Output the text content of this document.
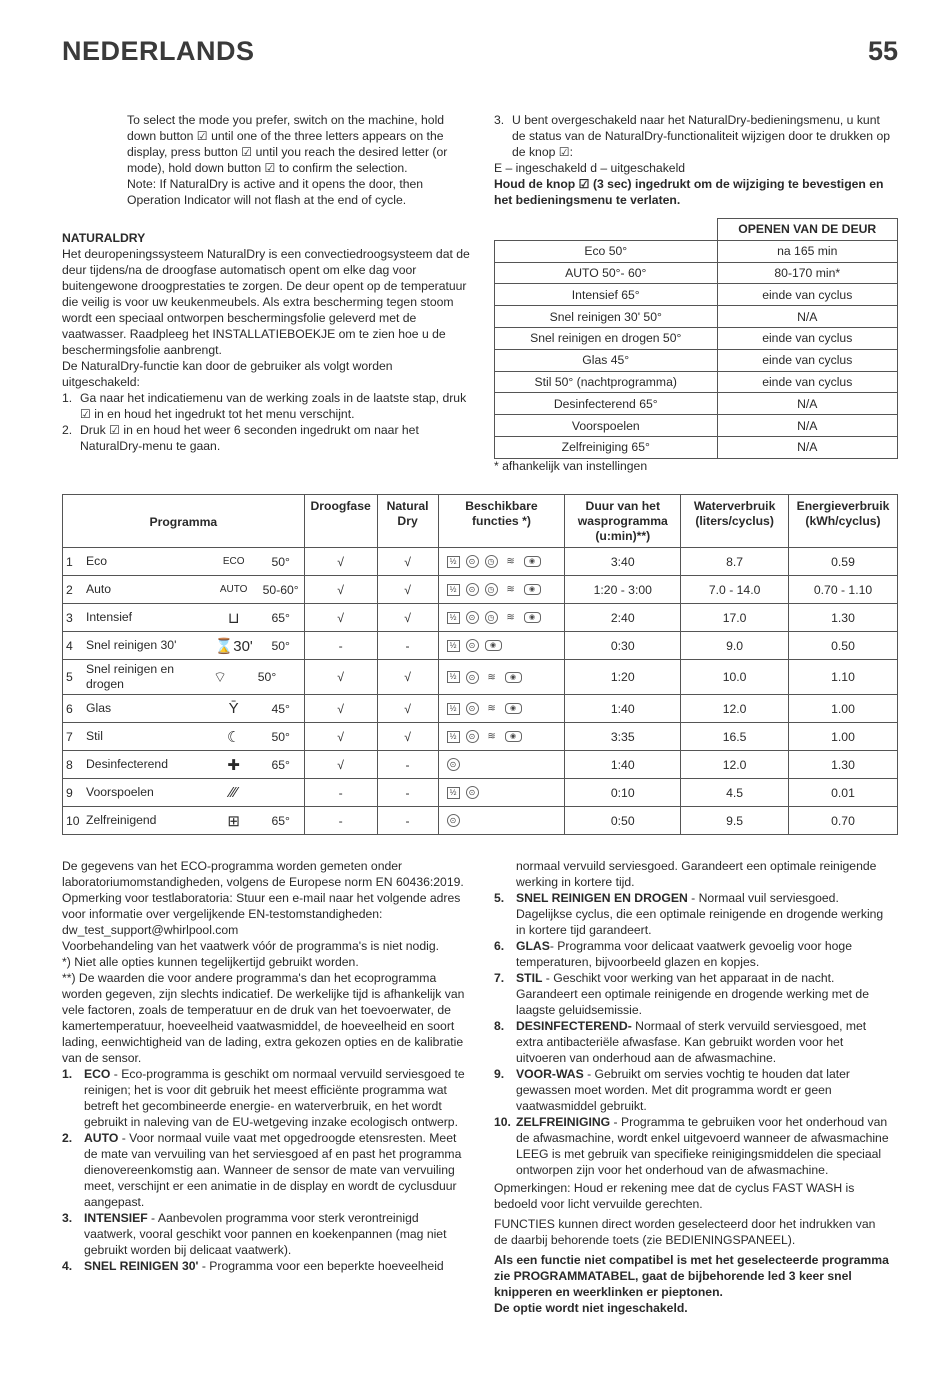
NEDERLANDS	55

To select the mode you prefer, switch on the machine, hold down button ☑ until one of the three letters appears on the display, press button ☑ until you reach the desired letter (or mode), hold down button ☑ to confirm the selection.

Note: If NaturalDry is active and it opens the door, then Operation Indicator will not flash at the end of cycle.

NATURALDRY

Het deuropeningssysteem NaturalDry is een convectiedroogsysteem dat de deur tijdens/na de droogfase automatisch opent om elke dag voor buitengewone droogprestaties te zorgen. De deur opent op de temperatuur die veilig is voor uw keukenmeubels. Als extra bescherming tegen stoom wordt een speciaal ontworpen beschermingsfolie geleverd met de vaatwasser. Raadpleeg het INSTALLATIEBOEKJE om te zien hoe u de beschermingsfolie aanbrengt.

De NaturalDry-functie kan door de gebruiker als volgt worden uitgeschakeld:

1. Ga naar het indicatiemenu van de werking zoals in de laatste stap, druk ☑ in en houd het ingedrukt tot het menu verschijnt.
2. Druk ☑ in en houd het weer 6 seconden ingedrukt om naar het NaturalDry-menu te gaan.
3. U bent overgeschakeld naar het NaturalDry-bedieningsmenu, u kunt de status van de NaturalDry-functionaliteit wijzigen door te drukken op de knop ☑:

E – ingeschakeld d – uitgeschakeld

Houd de knop ☑ (3 sec) ingedrukt om de wijziging te bevestigen en het bedieningsmenu te verlaten.

	OPENEN VAN DE DEUR
Eco 50°	na 165 min
AUTO 50°- 60°	80-170 min*
Intensief 65°	einde van cyclus
Snel reinigen 30' 50°	N/A
Snel reinigen en drogen 50°	einde van cyclus
Glas 45°	einde van cyclus
Stil 50° (nachtprogramma)	einde van cyclus
Desinfecterend 65°	N/A
Voorspoelen	N/A
Zelfreiniging 65°	N/A
* afhankelijk van instellingen
Programma	Droogfase	Natural Dry	Beschikbare functies *)	Duur van het wasprogramma (u:min)**)	Waterverbruik (liters/cyclus)	Energieverbruik (kWh/cyclus)

1 Eco ECO 50°	√	√	½ ⊙ ◷ ≋ ◉	3:40	8.7	0.59

2 Auto AUTO 50-60°	√	√	½ ⊙ ◷ ≋ ◉	1:20 - 3:00	7.0 - 14.0	0.70 - 1.10

3 Intensief ⊔ 65°	√	√	½ ⊙ ◷ ≋ ◉	2:40	17.0	1.30

4 Snel reinigen 30' ⌛30' 50°	-	-	½ ⊙ ◉	0:30	9.0	0.50

5
Snel reinigen en drogen ⌔ 50°	√	√	½ ⊙ ≋ ◉	1:20	10.0	1.10

6 Glas Ȳ 45°	√	√	½ ⊙ ≋ ◉	1:40	12.0	1.00

7 Stil ☾ 50°	√	√	½ ⊙ ≋ ◉	3:35	16.5	1.00

8 Desinfecterend ✚ 65°	√	-	⊙	1:40	12.0	1.30

9 Voorspoelen ⁄⁄⁄	-	-	½ ⊙	0:10	4.5	0.01

10 Zelfreinigend ⊞ 65°	-	-	⊙	0:50	9.5	0.70

De gegevens van het ECO-programma worden gemeten onder laboratoriumomstandigheden, volgens de Europese norm EN 60436:2019.

Opmerking voor testlaboratoria: Stuur een e-mail naar het volgende adres voor informatie over vergelijkende EN-testomstandigheden: dw_test_support@whirlpool.com

Voorbehandeling van het vaatwerk vóór de programma's is niet nodig.

*) Niet alle opties kunnen tegelijkertijd gebruikt worden.

**) De waarden die voor andere programma's dan het ecoprogramma worden gegeven, zijn slechts indicatief. De werkelijke tijd is afhankelijk van vele factoren, zoals de temperatuur en de druk van het toevoerwater, de kamertemperatuur, hoeveelheid vaatwasmiddel, de hoeveelheid en soort lading, eenwichtigheid van de lading, extra gekozen opties en de kalibratie van de sensor.

1. ECO - Eco-programma is geschikt om normaal vervuild serviesgoed te reinigen; het is voor dit gebruik het meest efficiënte programma wat betreft het gecombineerde energie- en waterverbruik, en het wordt gebruikt in naleving van de EU-wetgeving inzake ecologisch ontwerp.
2. AUTO - Voor normaal vuile vaat met opgedroogde etensresten. Meet de mate van vervuiling van het serviesgoed af en past het programma dienovereenkomstig aan. Wanneer de sensor de mate van vervuiling meet, verschijnt er een animatie in de display en wordt de cyclusduur aangepast.
3. INTENSIEF - Aanbevolen programma voor sterk verontreinigd vaatwerk, vooral geschikt voor pannen en koekenpannen (mag niet gebruikt worden bij delicaat vaatwerk).
4. SNEL REINIGEN 30' - Programma voor een beperkte hoeveelheid

normaal vervuild serviesgoed. Garandeert een optimale reinigende werking in kortere tijd.

5. SNEL REINIGEN EN DROGEN - Normaal vuil serviesgoed. Dagelijkse cyclus, die een optimale reinigende en drogende werking in kortere tijd garandeert.
6. GLAS- Programma voor delicaat vaatwerk gevoelig voor hoge temperaturen, bijvoorbeeld glazen en kopjes.
7. STIL - Geschikt voor werking van het apparaat in de nacht. Garandeert een optimale reinigende en drogende werking met de laagste geluidsemissie.
8. DESINFECTEREND- Normaal of sterk vervuild serviesgoed, met extra antibacteriële afwasfase. Kan gebruikt worden voor het uitvoeren van onderhoud aan de afwasmachine.
9. VOOR-WAS - Gebruikt om servies vochtig te houden dat later gewassen moet worden. Met dit programma wordt er geen vaatwasmiddel gebruikt.
10. ZELFREINIGING - Programma te gebruiken voor het onderhoud van de afwasmachine, wordt enkel uitgevoerd wanneer de afwasmachine LEEG is met gebruik van specifieke reinigingsmiddelen die speciaal ontworpen zijn voor het onderhoud van de afwasmachine.

Opmerkingen: Houd er rekening mee dat de cyclus FAST WASH is bedoeld voor licht vervuilde gerechten.

FUNCTIES kunnen direct worden geselecteerd door het indrukken van de daarbij behorende toets (zie BEDIENINGSPANEEL).

Als een functie niet compatibel is met het geselecteerde programma zie PROGRAMMATABEL, gaat de bijbehorende led 3 keer snel knipperen en weerklinken er pieptonen.

De optie wordt niet ingeschakeld.
